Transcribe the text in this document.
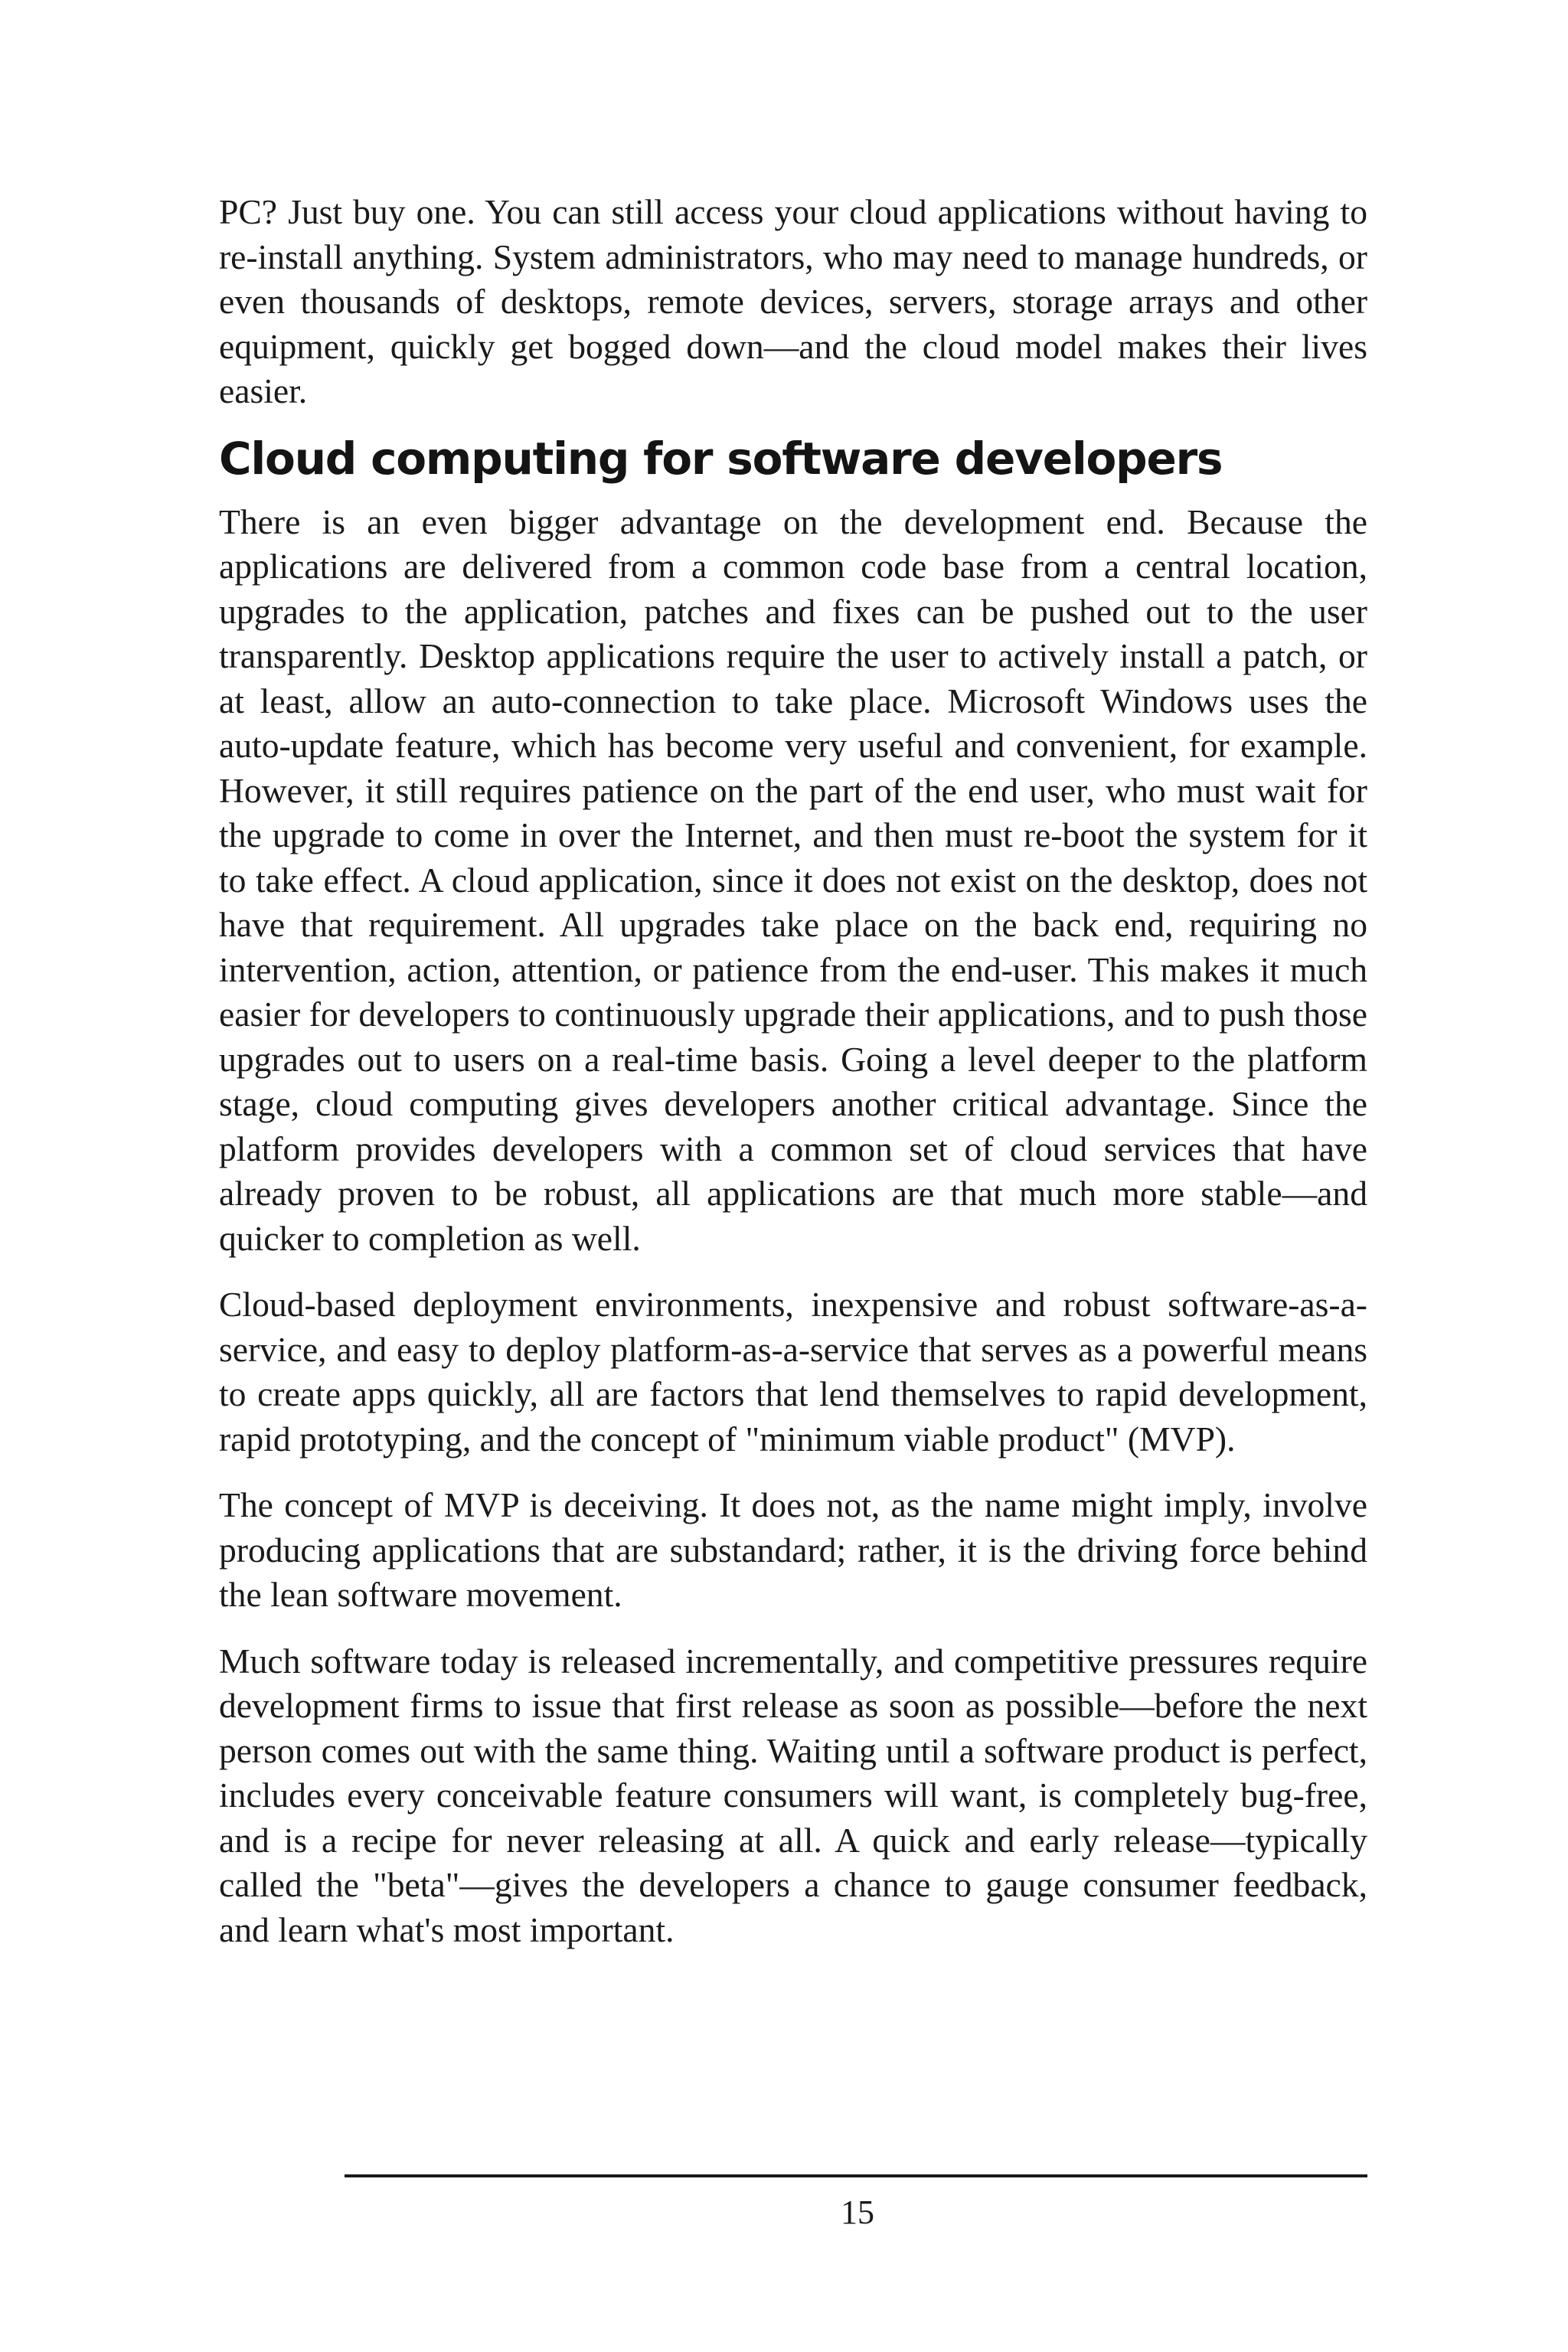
PC? Just buy one. You can still access your cloud applications without having to re-install anything. System administrators, who may need to manage hundreds, or even thousands of desktops, remote devices, servers, storage arrays and other equipment, quickly get bogged down—and the cloud model makes their lives easier.

Cloud computing for software developers

There is an even bigger advantage on the development end. Because the applications are delivered from a common code base from a central location, upgrades to the application, patches and fixes can be pushed out to the user transparently. Desktop applications require the user to actively install a patch, or at least, allow an auto-connection to take place. Microsoft Windows uses the auto-update feature, which has become very useful and convenient, for example. However, it still requires patience on the part of the end user, who must wait for the upgrade to come in over the Internet, and then must re-boot the system for it to take effect. A cloud application, since it does not exist on the desktop, does not have that requirement. All upgrades take place on the back end, requiring no intervention, action, attention, or patience from the end-user. This makes it much easier for developers to continuously upgrade their applications, and to push those upgrades out to users on a real-time basis. Going a level deeper to the platform stage, cloud computing gives developers another critical advantage. Since the platform provides developers with a common set of cloud services that have already proven to be robust, all applications are that much more stable—and quicker to completion as well.

Cloud-based deployment environments, inexpensive and robust software-as-a-service, and easy to deploy platform-as-a-service that serves as a powerful means to create apps quickly, all are factors that lend themselves to rapid development, rapid prototyping, and the concept of "minimum viable product" (MVP).

The concept of MVP is deceiving. It does not, as the name might imply, involve producing applications that are substandard; rather, it is the driving force behind the lean software movement.

Much software today is released incrementally, and competitive pressures require development firms to issue that first release as soon as possible—before the next person comes out with the same thing. Waiting until a software product is perfect, includes every conceivable feature consumers will want, is completely bug-free, and is a recipe for never releasing at all. A quick and early release—typically called the "beta"—gives the developers a chance to gauge consumer feedback, and learn what's most important.

15
